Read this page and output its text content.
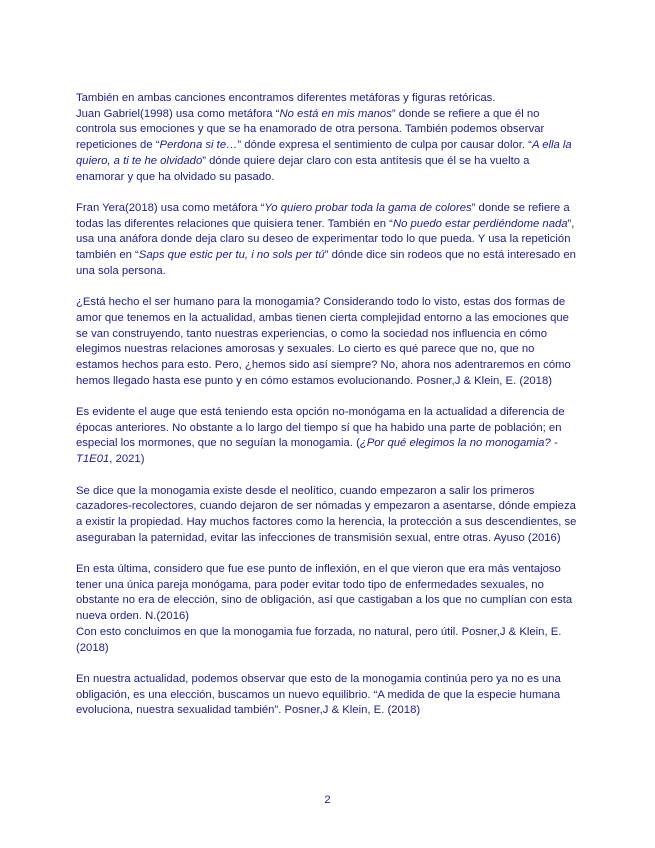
También en ambas canciones encontramos diferentes metáforas y figuras retóricas.

Juan Gabriel(1998) usa como metáfora “No está en mis manos” donde se refiere a que él no controla sus emociones y que se ha enamorado de otra persona. También podemos observar repeticiones de “Perdona si te…” dónde expresa el sentimiento de culpa por causar dolor. “A ella la quiero, a ti te he olvidado” dónde quiere dejar claro con esta antítesis que él se ha vuelto a enamorar y que ha olvidado su pasado.

Fran Yera(2018) usa como metáfora “Yo quiero probar toda la gama de colores” donde se refiere a todas las diferentes relaciones que quisiera tener. También en “No puedo estar perdiéndome nada”, usa una anáfora donde deja claro su deseo de experimentar todo lo que pueda. Y usa la repetición también en “Saps que estic per tu, i no sols per tú” dónde dice sin rodeos que no está interesado en una sola persona.

¿Está hecho el ser humano para la monogamia? Considerando todo lo visto, estas dos formas de amor que tenemos en la actualidad, ambas tienen cierta complejidad entorno a las emociones que se van construyendo, tanto nuestras experiencias, o como la sociedad nos influencia en cómo elegimos nuestras relaciones amorosas y sexuales. Lo cierto es qué parece que no, que no estamos hechos para esto. Pero, ¿hemos sido así siempre? No, ahora nos adentraremos en cómo hemos llegado hasta ese punto y en cómo estamos evolucionando. Posner,J & Klein, E. (2018)

Es evidente el auge que está teniendo esta opción no-monógama en la actualidad a diferencia de épocas anteriores. No obstante a lo largo del tiempo sí que ha habido una parte de población; en especial los mormones, que no seguían la monogamia. (¿Por qué elegimos la no monogamia? - T1E01, 2021)

Se dice que la monogamia existe desde el neolítico, cuando empezaron a salir los primeros cazadores-recolectores, cuando dejaron de ser nómadas y empezaron a asentarse, dónde empieza a existir la propiedad. Hay muchos factores como la herencia, la protección a sus descendientes, se aseguraban la paternidad, evitar las infecciones de transmisión sexual, entre otras. Ayuso (2016)

En esta última, considero que fue ese punto de inflexión, en el que vieron que era más ventajoso tener una única pareja monógama, para poder evitar todo tipo de enfermedades sexuales, no obstante no era de elección, sino de obligación, así que castigaban a los que no cumplían con esta nueva orden. N.(2016)

Con esto concluimos en que la monogamia fue forzada, no natural, pero útil. Posner,J & Klein, E. (2018)

En nuestra actualidad, podemos observar que esto de la monogamia continúa pero ya no es una obligación, es una elección, buscamos un nuevo equilibrio. “A medida de que la especie humana evoluciona, nuestra sexualidad también”. Posner,J & Klein, E. (2018)

2
